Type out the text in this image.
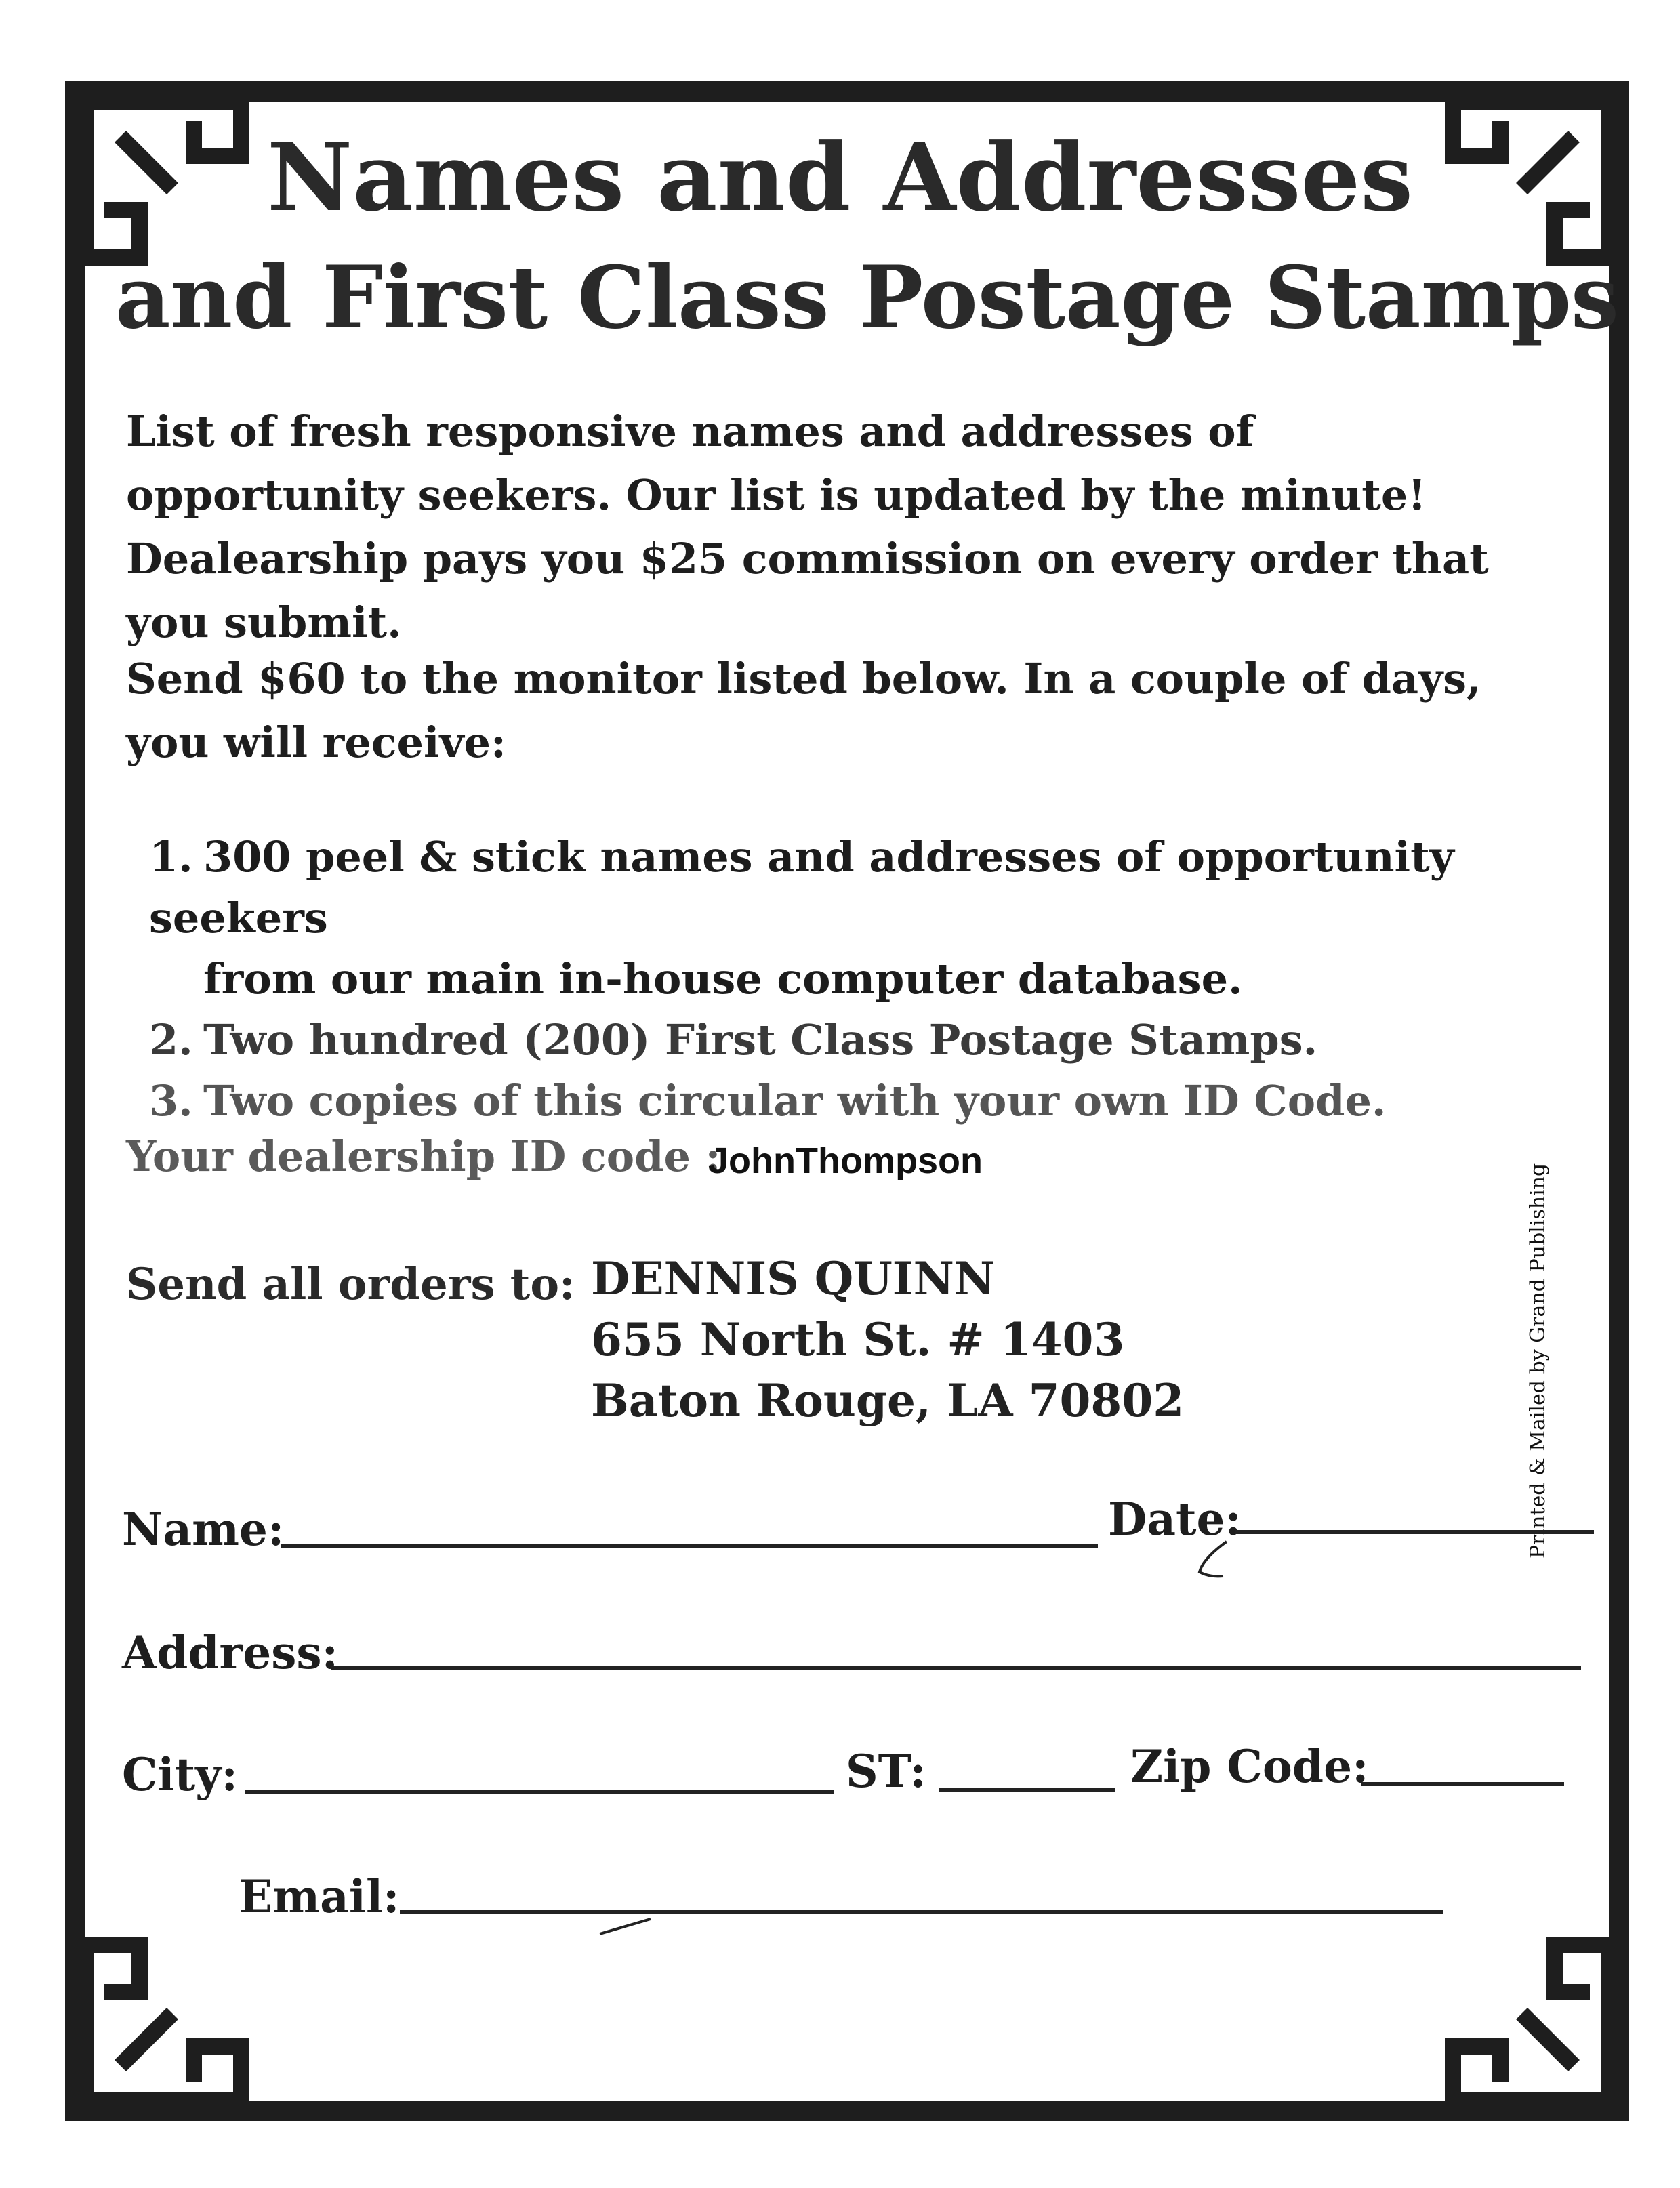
Names and Addresses
and First Class Postage Stamps

List of fresh responsive names and addresses of opportunity seekers. Our list is updated by the minute! Dealearship pays you $25 commission on every order that you submit.

Send $60 to the monitor listed below. In a couple of days, you will receive:

1. 300 peel & stick names and addresses of opportunity seekers
from our main in-house computer database.
2. Two hundred (200) First Class Postage Stamps.
3. Two copies of this circular with your own ID Code.
Your dealership ID code :
JohnThompson
Send all orders to: DENNIS QUINN
655 North St. # 1403
Baton Rouge, LA 70802	Printed & Mailed by Grand Publishing
Name:	Date:
Address:
City:	ST:	Zip Code:
Email:
